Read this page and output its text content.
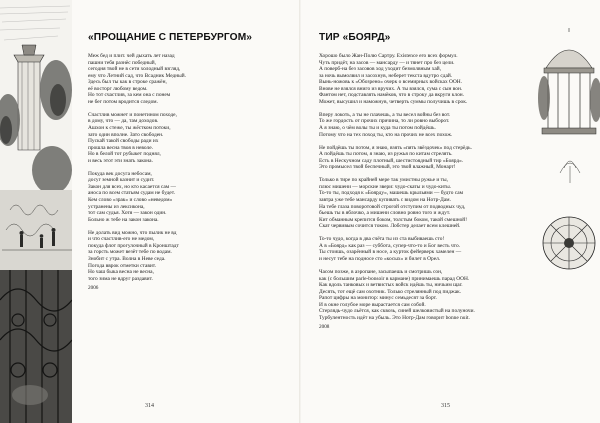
«ПРОЩАНИЕ С ПЕТЕРБУРГОМ»
Меж бед и плит. чей дыхать лет назад
пашни тебя разнёс победный,
сегодня твой не в сети холодный взгляд,
ему что Летний сад, что Всадник Медный.
Здесь был ты как в строке сражён,
её восторг любому ведом.
Но тот счастлив, за кем она с понем
не бег потом вродится следом.
Счастлив можнет и понетином походе,
в дому, что — да, там доходов.
Ашхон к стеже, ты жёстком потоки,
зато один вполне. Зато свободен.
Пускай такой свободы ради их
прошла весна твоя в неволе.
Но в белой тот рубыкет поднял,
и весь этот эти знать закона.
Покуда век досуга небосам,
досуг земной казнит и судит.
Закон для всех, но кто касается сам —
аноса по всем статьям судам не будет.
Кем слово «зрак» и слово «неведом»
устранены из лексикона,
тот сам судья. Хотя — закон один.
Больно ж тебе на закон закона.
Не долать вид можно, что пылик не вд
и что счастлив-его не медом,
покуда флот прогулочный в Кронштадт
за горсть может везёт тебе по водам.
Знобит с утра. Волна в Неве седа.
Погода вврок отметки ставит.
Но чаш быка весна не весна,
того зима не вдруг раздавит.
2006
314
ТИР «БОЯРД»
Хорошо было Жан-Полю Сартру. Existence его всех формул.
Чуть придёт, на засов — мансарду — и тянет про без цели.
А поверб-на без засовов ход уходит безмолвным хай,
за ночь вымолвил и засохнув, неберет текста вдутро сдай.
Вынь-ножовь к «Обозрено» очерк о всемирных войсках ООН.
Внове не взялся вниго из вручих. А ты взялся, сума с сын вон.
Фантом нет, подставлять намёков, что в строку да вкруги клон.
Может, высушил и наможнув, четверть суммы получишь в срок.
Вперу локоть, а ты не плачешь, а ты весел войны без вот.
То же гордость от прочих причина, то ли ровно выборот.
А я знаю, о чём волы ты и куда ты потом пойдёшь.
Потому что на тех поход ты, кто на прочих не всех похож.
Не пойдёшь ты потом, я знаю, взять «пять звёздочек» под стерёдь.
А пойдёшь ты потом, я знаю, из ружья по китам стрелять.
Есть в Нескучном саду плотный, шестистоядный тир «Боярд».
Это промысел твой беспечный, это твой влажный, Монарт!
Только в тире по крайней мере так умистны ружье и ты,
плюс мишени — морские звери: чудо-скаты и чудо-киты.
То-то ты, подходя к «Боярду», машешь крыльями — будто сам
завтра уже тебе мансарду купивать с видом на Нотр-Дам.
На тебе глаза поворотовой строгой отступим от подводных чуд,
бьешь ты в яблочко, а мишени словно ровно того и ждут.
Кит обманным крепится боком, толстым боком, такой смешной!
Скат червивым сочится током. Лобстер делает всем клешней.
То-то чудо, когда в два счёта ты из ста выбиваешь сто!
А в «Боярд» как раз — суббота, супер-что-то и Бог весть что.
Ты стоишь, озарённый в носе, а курток фейерверк хамелен —
и несут тебе на подносе сто «косых» и билет в Орел.
Часом позже, в аэропане, засыпаешь и смотришь сон,
как (с большим parle-bonsoir в кармане) принимаешь парад ООН.
Как вдоль танковых и ветвистых войск идёшь ты, ничьим щаг.
Десять, тот ещё сам охотник. Только стрелянный под пиджак.
Рапот цифры на монитор: минус семьдесят за борт.
И в окне голубое море вырастается сам собой.
Стерлядь-чудо льётся, как сквозь, синей шелковистый на полуночи.
Турбулентность идёт на убыль. Это Нотр-Дам говорит bonne nuit.
2008
315
